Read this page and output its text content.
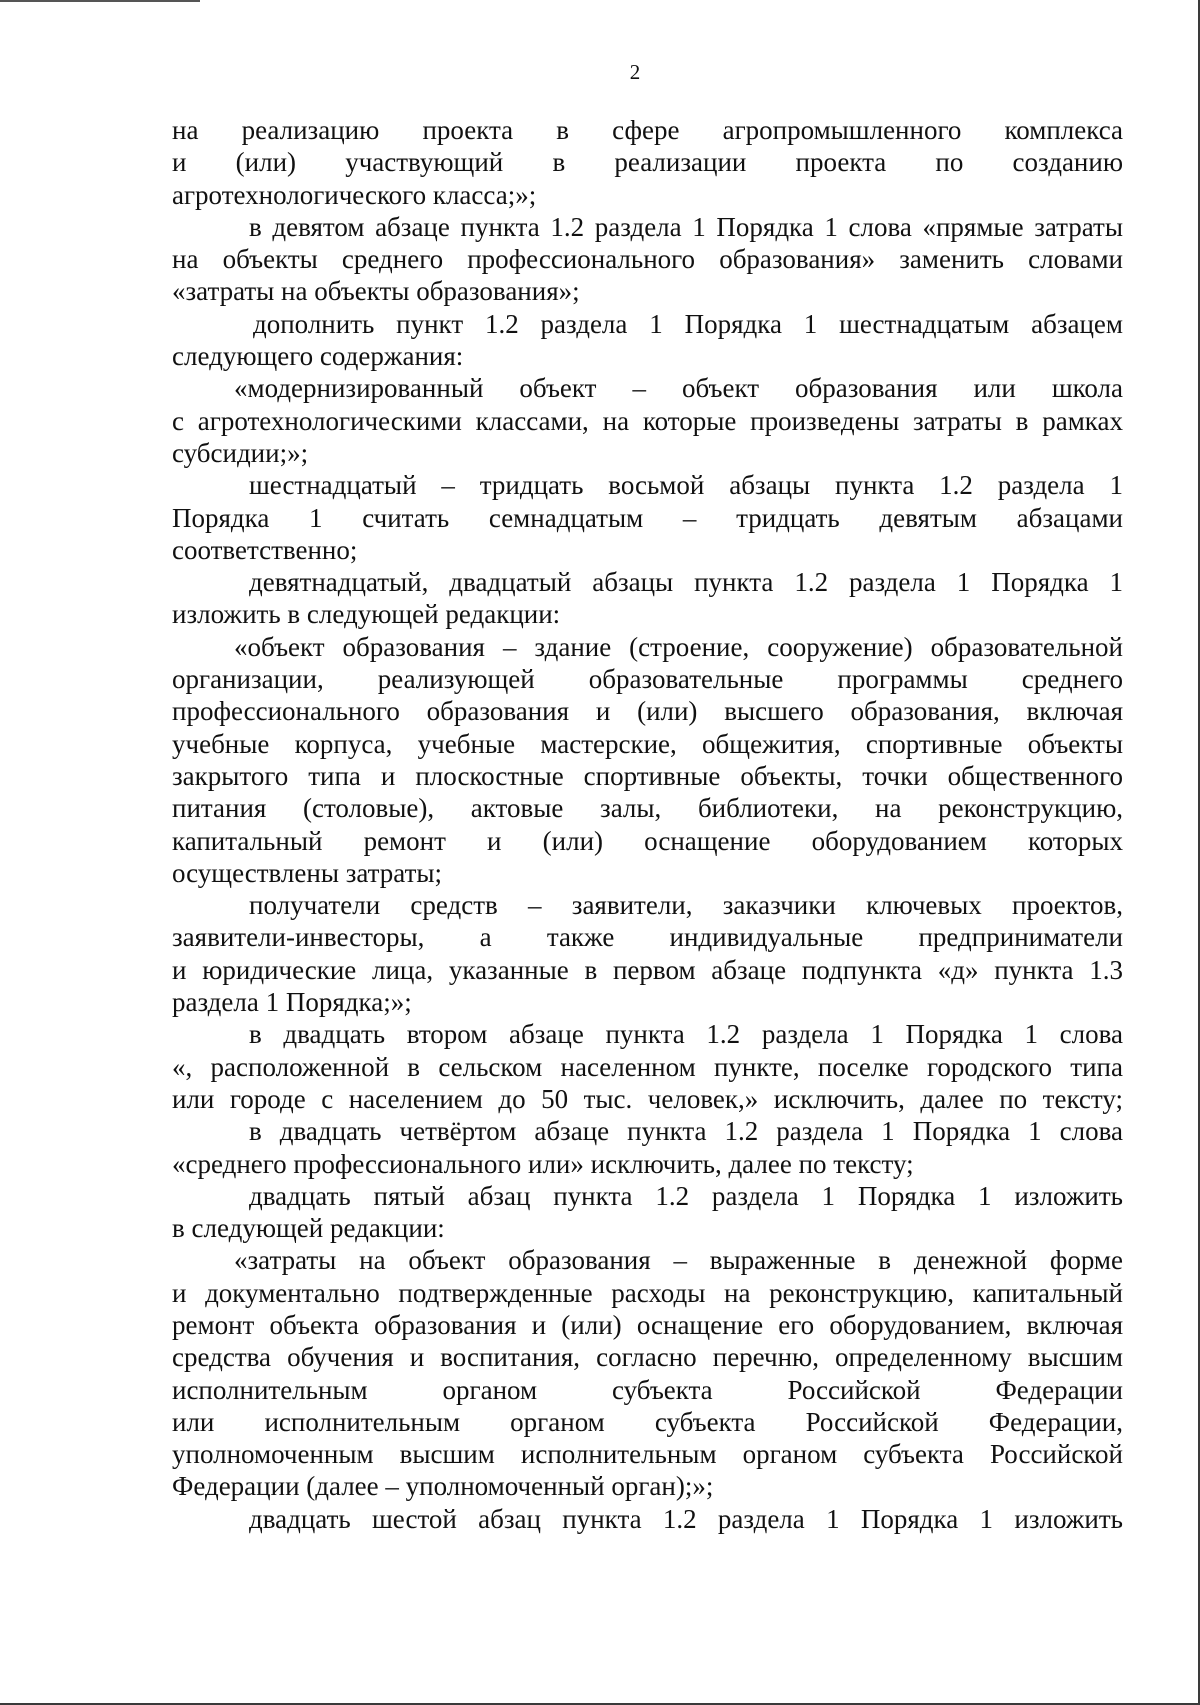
2
на реализацию проекта в сфере агропромышленного комплекса
и (или) участвующий в реализации проекта по созданию
агротехнологического класса;»;
в девятом абзаце пункта 1.2 раздела 1 Порядка 1 слова «прямые затраты
на объекты среднего профессионального образования» заменить словами
«затраты на объекты образования»;
дополнить пункт 1.2 раздела 1 Порядка 1 шестнадцатым абзацем
следующего содержания:
«модернизированный объект – объект образования или школа
с агротехнологическими классами, на которые произведены затраты в рамках
субсидии;»;
шестнадцатый – тридцать восьмой абзацы пункта 1.2 раздела 1
Порядка 1 считать семнадцатым – тридцать девятым абзацами
соответственно;
девятнадцатый, двадцатый абзацы пункта 1.2 раздела 1 Порядка 1
изложить в следующей редакции:
«объект образования – здание (строение, сооружение) образовательной
организации, реализующей образовательные программы среднего
профессионального образования и (или) высшего образования, включая
учебные корпуса, учебные мастерские, общежития, спортивные объекты
закрытого типа и плоскостные спортивные объекты, точки общественного
питания (столовые), актовые залы, библиотеки, на реконструкцию,
капитальный ремонт и (или) оснащение оборудованием которых
осуществлены затраты;
получатели средств – заявители, заказчики ключевых проектов,
заявители-инвесторы, а также индивидуальные предприниматели
и юридические лица, указанные в первом абзаце подпункта «д» пункта 1.3
раздела 1 Порядка;»;
в двадцать втором абзаце пункта 1.2 раздела 1 Порядка 1 слова
«, расположенной в сельском населенном пункте, поселке городского типа
или городе с населением до 50 тыс. человек,» исключить, далее по тексту;
в двадцать четвёртом абзаце пункта 1.2 раздела 1 Порядка 1 слова
«среднего профессионального или» исключить, далее по тексту;
двадцать пятый абзац пункта 1.2 раздела 1 Порядка 1 изложить
в следующей редакции:
«затраты на объект образования – выраженные в денежной форме
и документально подтвержденные расходы на реконструкцию, капитальный
ремонт объекта образования и (или) оснащение его оборудованием, включая
средства обучения и воспитания, согласно перечню, определенному высшим
исполнительным органом субъекта Российской Федерации
или исполнительным органом субъекта Российской Федерации,
уполномоченным высшим исполнительным органом субъекта Российской
Федерации (далее – уполномоченный орган);»;
двадцать шестой абзац пункта 1.2 раздела 1 Порядка 1 изложить
